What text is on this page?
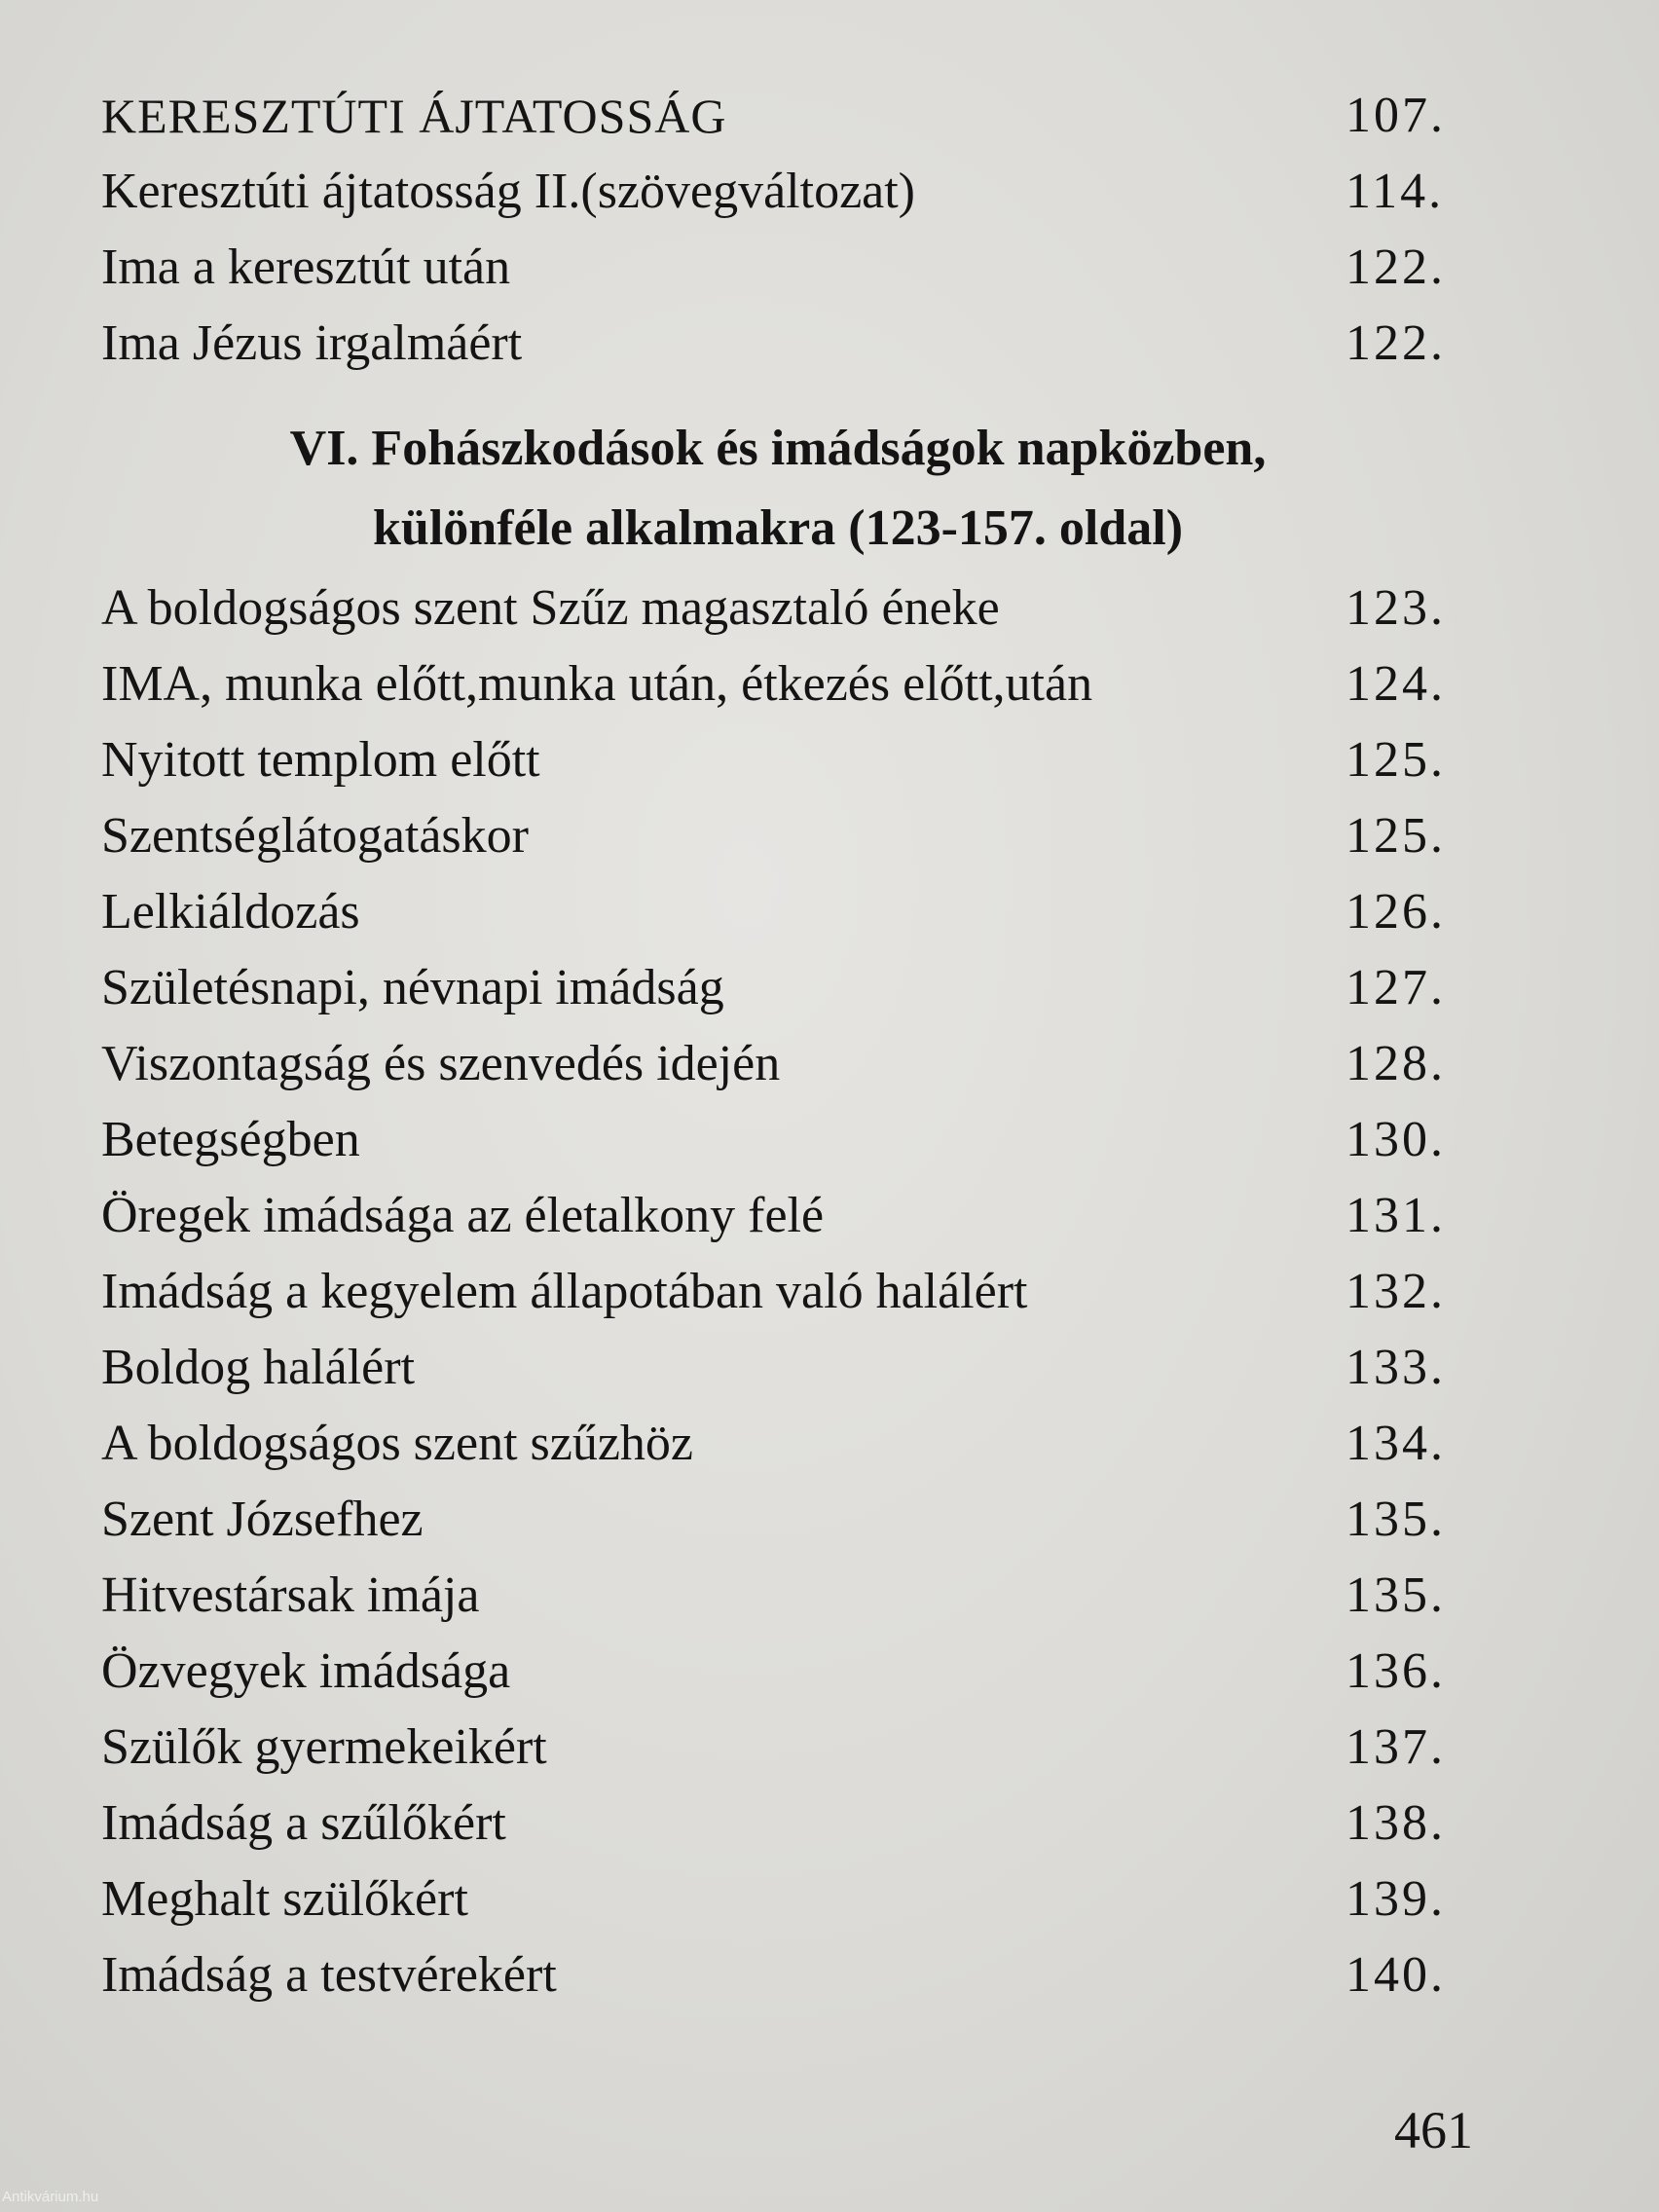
KERESZTÚTI ÁJTATOSSÁG	107.
Keresztúti ájtatosság II.(szövegváltozat)	114.
Ima a keresztút után	122.
Ima Jézus irgalmáért	122.
VI. Fohászkodások és imádságok napközben,
különféle alkalmakra (123-157. oldal)
A boldogságos szent Szűz magasztaló éneke	123.
IMA, munka előtt,munka után, étkezés előtt,után	124.
Nyitott templom előtt	125.
Szentséglátogatáskor	125.
Lelkiáldozás	126.
Születésnapi, névnapi imádság	127.
Viszontagság és szenvedés idején	128.
Betegségben	130.
Öregek imádsága az életalkony felé	131.
Imádság a kegyelem állapotában való halálért	132.
Boldog halálért	133.
A boldogságos szent szűzhöz	134.
Szent Józsefhez	135.
Hitvestársak imája	135.
Özvegyek imádsága	136.
Szülők gyermekeikért	137.
Imádság a szűlőkért	138.
Meghalt szülőkért	139.
Imádság a testvérekért	140.
461
Antikvárium.hu
